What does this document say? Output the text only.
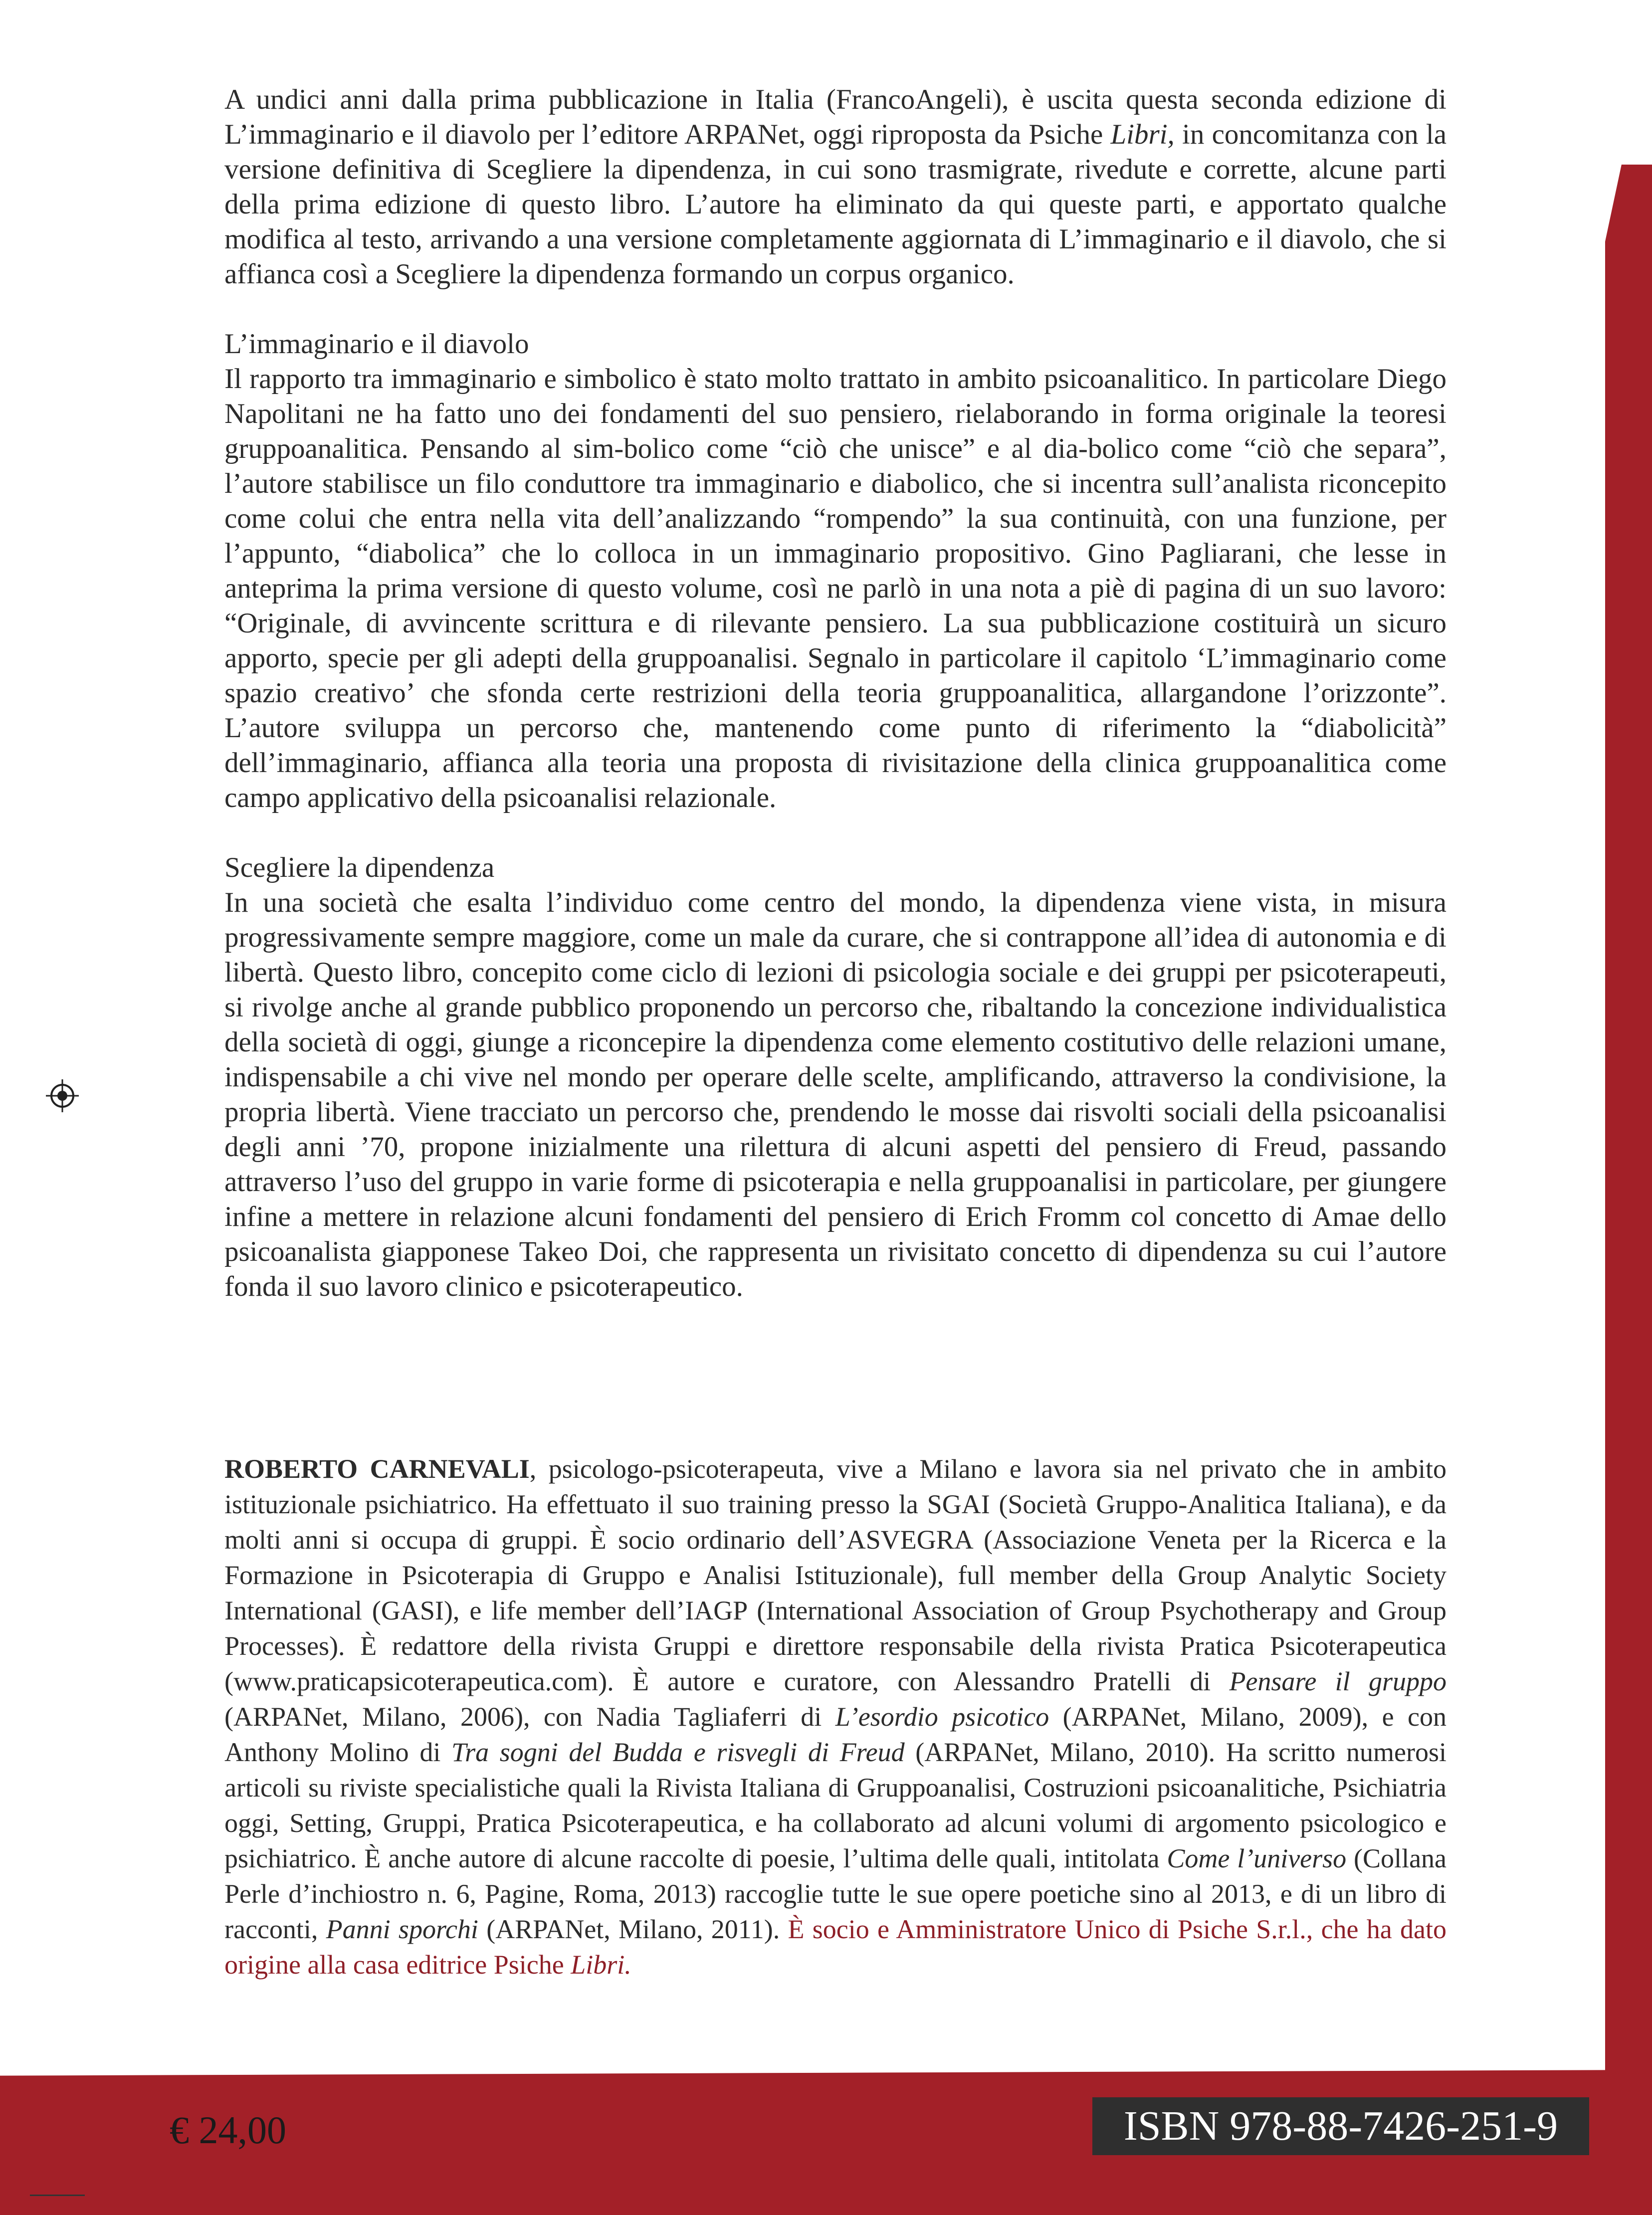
A undici anni dalla prima pubblicazione in Italia (FrancoAngeli), è uscita questa seconda edizione di L’immaginario e il diavolo per l’editore ARPANet, oggi riproposta da Psiche Libri, in concomitanza con la versione definitiva di Scegliere la dipendenza, in cui sono trasmigrate, rivedute e corrette, alcune parti della prima edizione di questo libro. L’autore ha eliminato da qui queste parti, e apportato qualche modifica al testo, arrivando a una versione completamente aggiornata di L’immaginario e il diavolo, che si affianca così a Scegliere la dipendenza formando un corpus organico.

L’immaginario e il diavolo

Il rapporto tra immaginario e simbolico è stato molto trattato in ambito psicoanalitico. In particolare Diego Napolitani ne ha fatto uno dei fondamenti del suo pensiero, rielaborando in forma originale la teoresi gruppoanalitica. Pensando al sim-bolico come “ciò che unisce” e al dia-bolico come “ciò che separa”, l’autore stabilisce un filo conduttore tra immaginario e diabolico, che si incentra sull’analista riconcepito come colui che entra nella vita dell’analizzando “rompendo” la sua continuità, con una funzione, per l’appunto, “diabolica” che lo colloca in un immaginario propositivo. Gino Pagliarani, che lesse in anteprima la prima versione di questo volume, così ne parlò in una nota a piè di pagina di un suo lavoro: “Originale, di avvincente scrittura e di rilevante pensiero. La sua pubblicazione costituirà un sicuro apporto, specie per gli adepti della gruppoanalisi. Segnalo in particolare il capitolo ‘L’immaginario come spazio creativo’ che sfonda certe restrizioni della teoria gruppoanalitica, allargandone l’orizzonte”. L’autore sviluppa un percorso che, mantenendo come punto di riferimento la “diabolicità” dell’immaginario, affianca alla teoria una proposta di rivisitazione della clinica gruppoanalitica come campo applicativo della psicoanalisi relazionale.

Scegliere la dipendenza

In una società che esalta l’individuo come centro del mondo, la dipendenza viene vista, in misura progressivamente sempre maggiore, come un male da curare, che si contrappone all’idea di autonomia e di libertà. Questo libro, concepito come ciclo di lezioni di psicologia sociale e dei gruppi per psicoterapeuti, si rivolge anche al grande pubblico proponendo un percorso che, ribaltando la concezione individualistica della società di oggi, giunge a riconcepire la dipendenza come elemento costitutivo delle relazioni umane, indispensabile a chi vive nel mondo per operare delle scelte, amplificando, attraverso la condivisione, la propria libertà. Viene tracciato un percorso che, prendendo le mosse dai risvolti sociali della psicoanalisi degli anni ’70, propone inizialmente una rilettura di alcuni aspetti del pensiero di Freud, passando attraverso l’uso del gruppo in varie forme di psicoterapia e nella gruppoanalisi in particolare, per giungere infine a mettere in relazione alcuni fondamenti del pensiero di Erich Fromm col concetto di Amae dello psicoanalista giapponese Takeo Doi, che rappresenta un rivisitato concetto di dipendenza su cui l’autore fonda il suo lavoro clinico e psicoterapeutico.

ROBERTO CARNEVALI, psicologo-psicoterapeuta, vive a Milano e lavora sia nel privato che in ambito istituzionale psichiatrico. Ha effettuato il suo training presso la SGAI (Società Gruppo-Analitica Italiana), e da molti anni si occupa di gruppi. È socio ordinario dell’ASVEGRA (Associazione Veneta per la Ricerca e la Formazione in Psicoterapia di Gruppo e Analisi Istituzionale), full member della Group Analytic Society International (GASI), e life member dell’IAGP (International Association of Group Psychotherapy and Group Processes). È redattore della rivista Gruppi e direttore responsabile della rivista Pratica Psicoterapeutica (www.praticapsicoterapeutica.com). È autore e curatore, con Alessandro Pratelli di Pensare il gruppo (ARPANet, Milano, 2006), con Nadia Tagliaferri di L’esordio psicotico (ARPANet, Milano, 2009), e con Anthony Molino di Tra sogni del Budda e risvegli di Freud (ARPANet, Milano, 2010). Ha scritto numerosi articoli su riviste specialistiche quali la Rivista Italiana di Gruppoanalisi, Costruzioni psicoanalitiche, Psichiatria oggi, Setting, Gruppi, Pratica Psicoterapeutica, e ha collaborato ad alcuni volumi di argomento psicologico e psichiatrico. È anche autore di alcune raccolte di poesie, l’ultima delle quali, intitolata Come l’universo (Collana Perle d’inchiostro n. 6, Pagine, Roma, 2013) raccoglie tutte le sue opere poetiche sino al 2013, e di un libro di racconti, Panni sporchi (ARPANet, Milano, 2011). È socio e Amministratore Unico di Psiche S.r.l., che ha dato origine alla casa editrice Psiche Libri.

€ 24,00	ISBN 978-88-7426-251-9
